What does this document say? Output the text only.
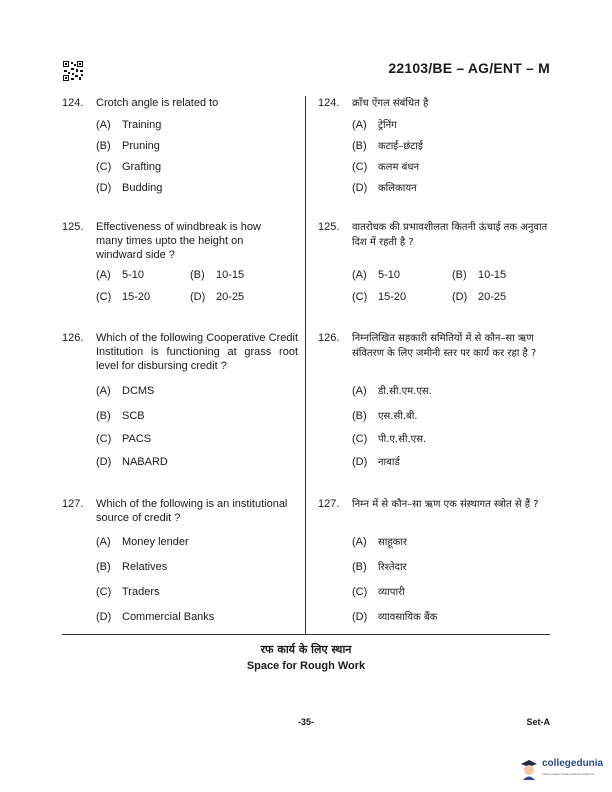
22103/BE – AG/ENT – M
124. Crotch angle is related to
(A) Training
(B) Pruning
(C) Grafting
(D) Budding
125. Effectiveness of windbreak is how many times upto the height on windward side ?
(A) 5-10	(B) 10-15
(C) 15-20	(D) 20-25
126. Which of the following Cooperative Credit Institution is functioning at grass root level for disbursing credit ?
(A) DCMS
(B) SCB
(C) PACS
(D) NABARD
127. Which of the following is an institutional source of credit ?
(A) Money lender
(B) Relatives
(C) Traders
(D) Commercial Banks
124. क्राँच ऐंगल संबंधित है
(A) ट्रेनिंग
(B) कटाई–छंटाई
(C) कलम बंधन
(D) कलिकायन
125. वातरोधक की प्रभावशीलता कितनी ऊंचाई तक अनुवात दिश में रहती है ?
(A) 5-10	(B) 10-15
(C) 15-20	(D) 20-25
126. निम्नलिखित सहकारी समितियों में से कौन–सा ऋण संवितरण के लिए जमीनी स्तर पर कार्य कर रहा है ?
(A) डी.सी.एम.एस.
(B) एस.सी.बी.
(C) पी.ए.सी.एस.
(D) नाबार्ड
127. निम्न में से कौन–सा ऋण एक संस्थागत स्त्रोत से हैं ?
(A) साहूकार
(B) रिश्तेदार
(C) व्यापारी
(D) व्यावसायिक बैंक
रफ कार्य के लिए स्थान
Space for Rough Work
-35-	Set-A
collegedunia
India's largest Student Review Platform
